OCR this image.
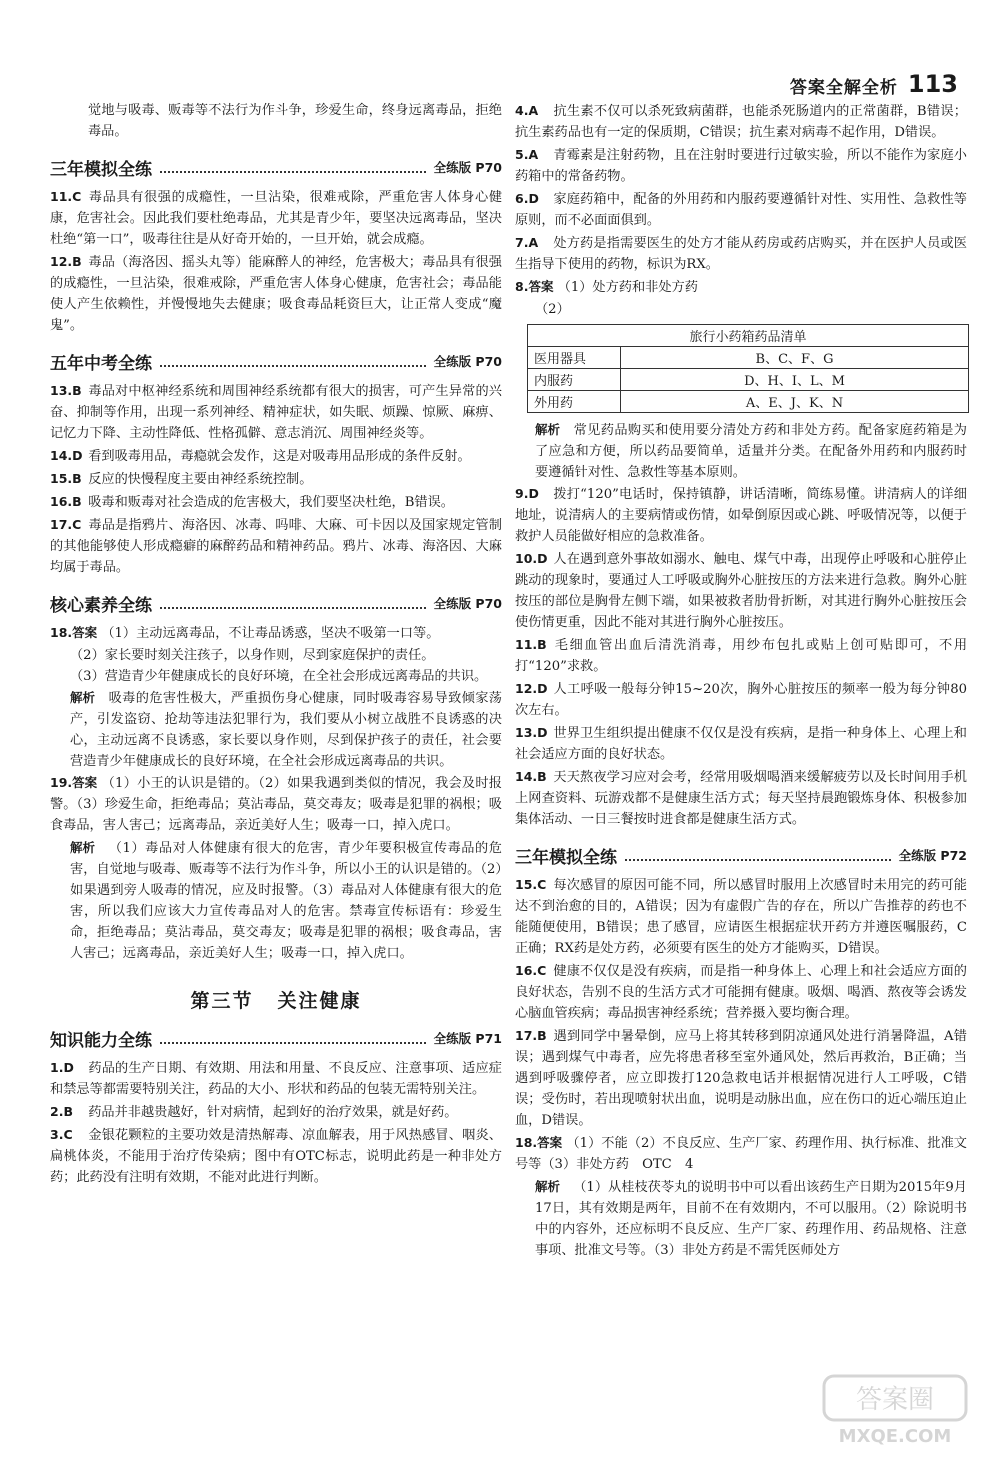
答案全解全析 113

觉地与吸毒、贩毒等不法行为作斗争，珍爱生命，终身远离毒品，拒绝毒品。

三年模拟全练	全练版 P70

11.C 毒品具有很强的成瘾性，一旦沾染，很难戒除，严重危害人体身心健康，危害社会。因此我们要杜绝毒品，尤其是青少年，要坚决远离毒品，坚决杜绝“第一口”，吸毒往往是从好奇开始的，一旦开始，就会成瘾。

12.B 毒品（海洛因、摇头丸等）能麻醉人的神经，危害极大；毒品具有很强的成瘾性，一旦沾染，很难戒除，严重危害人体身心健康，危害社会；毒品能使人产生依赖性，并慢慢地失去健康；吸食毒品耗资巨大，让正常人变成“魔鬼”。

五年中考全练	全练版 P70

13.B 毒品对中枢神经系统和周围神经系统都有很大的损害，可产生异常的兴奋、抑制等作用，出现一系列神经、精神症状，如失眠、烦躁、惊厥、麻痹、记忆力下降、主动性降低、性格孤僻、意志消沉、周围神经炎等。

14.D 看到吸毒用品，毒瘾就会发作，这是对吸毒用品形成的条件反射。

15.B 反应的快慢程度主要由神经系统控制。

16.B 吸毒和贩毒对社会造成的危害极大，我们要坚决杜绝，B错误。

17.C 毒品是指鸦片、海洛因、冰毒、吗啡、大麻、可卡因以及国家规定管制的其他能够使人形成瘾癖的麻醉药品和精神药品。鸦片、冰毒、海洛因、大麻均属于毒品。

核心素养全练	全练版 P70

18.答案 （1）主动远离毒品，不让毒品诱惑，坚决不吸第一口等。

（2）家长要时刻关注孩子，以身作则，尽到家庭保护的责任。

（3）营造青少年健康成长的良好环境，在全社会形成远离毒品的共识。

解析 吸毒的危害性极大，严重损伤身心健康，同时吸毒容易导致倾家荡产，引发盗窃、抢劫等违法犯罪行为，我们要从小树立战胜不良诱惑的决心，主动远离不良诱惑，家长要以身作则，尽到保护孩子的责任，社会要营造青少年健康成长的良好环境，在全社会形成远离毒品的共识。

19.答案 （1）小王的认识是错的。（2）如果我遇到类似的情况，我会及时报警。（3）珍爱生命，拒绝毒品；莫沾毒品，莫交毒友；吸毒是犯罪的祸根；吸食毒品，害人害己；远离毒品，亲近美好人生；吸毒一口，掉入虎口。

解析 （1）毒品对人体健康有很大的危害，青少年要积极宣传毒品的危害，自觉地与吸毒、贩毒等不法行为作斗争，所以小王的认识是错的。（2）如果遇到旁人吸毒的情况，应及时报警。（3）毒品对人体健康有很大的危害，所以我们应该大力宣传毒品对人的危害。禁毒宣传标语有：珍爱生命，拒绝毒品；莫沾毒品，莫交毒友；吸毒是犯罪的祸根；吸食毒品，害人害己；远离毒品，亲近美好人生；吸毒一口，掉入虎口。

第三节 关注健康
知识能力全练	全练版 P71

1.D 药品的生产日期、有效期、用法和用量、不良反应、注意事项、适应症和禁忌等都需要特别关注，药品的大小、形状和药品的包装无需特别关注。

2.B 药品并非越贵越好，针对病情，起到好的治疗效果，就是好药。

3.C 金银花颗粒的主要功效是清热解毒、凉血解表，用于风热感冒、咽炎、扁桃体炎，不能用于治疗传染病；图中有OTC标志，说明此药是一种非处方药；此药没有注明有效期，不能对此进行判断。

4.A 抗生素不仅可以杀死致病菌群，也能杀死肠道内的正常菌群，B错误；抗生素药品也有一定的保质期，C错误；抗生素对病毒不起作用，D错误。

5.A 青霉素是注射药物，且在注射时要进行过敏实验，所以不能作为家庭小药箱中的常备药物。

6.D 家庭药箱中，配备的外用药和内服药要遵循针对性、实用性、急救性等原则，而不必面面俱到。

7.A 处方药是指需要医生的处方才能从药房或药店购买，并在医护人员或医生指导下使用的药物，标识为RX。

8.答案 （1）处方药和非处方药

（2）

旅行小药箱药品清单	
医用器具	B、C、F、G
内服药	D、H、I、L、M
外用药	A、E、J、K、N

解析 常见药品购买和使用要分清处方药和非处方药。配备家庭药箱是为了应急和方便，所以药品要简单，适量并分类。在配备外用药和内服药时要遵循针对性、急救性等基本原则。

9.D 拨打“120”电话时，保持镇静，讲话清晰，简练易懂。讲清病人的详细地址，说清病人的主要病情或伤情，如晕倒原因或心跳、呼吸情况等，以便于救护人员能做好相应的急救准备。

10.D 人在遇到意外事故如溺水、触电、煤气中毒，出现停止呼吸和心脏停止跳动的现象时，要通过人工呼吸或胸外心脏按压的方法来进行急救。胸外心脏按压的部位是胸骨左侧下端，如果被救者肋骨折断，对其进行胸外心脏按压会使伤情更重，因此不能对其进行胸外心脏按压。

11.B 毛细血管出血后清洗消毒，用纱布包扎或贴上创可贴即可，不用打“120”求救。

12.D 人工呼吸一般每分钟15~20次，胸外心脏按压的频率一般为每分钟80次左右。

13.D 世界卫生组织提出健康不仅仅是没有疾病，是指一种身体上、心理上和社会适应方面的良好状态。

14.B 天天熬夜学习应对会考，经常用吸烟喝酒来缓解疲劳以及长时间用手机上网查资料、玩游戏都不是健康生活方式；每天坚持晨跑锻炼身体、积极参加集体活动、一日三餐按时进食都是健康生活方式。

三年模拟全练	全练版 P72

15.C 每次感冒的原因可能不同，所以感冒时服用上次感冒时未用完的药可能达不到治愈的目的，A错误；因为有虚假广告的存在，所以广告推荐的药也不能随便使用，B错误；患了感冒，应请医生根据症状开药方并遵医嘱服药，C正确；RX药是处方药，必须要有医生的处方才能购买，D错误。

16.C 健康不仅仅是没有疾病，而是指一种身体上、心理上和社会适应方面的良好状态，告别不良的生活方式才可能拥有健康。吸烟、喝酒、熬夜等会诱发心脑血管疾病；毒品损害神经系统；营养摄入要均衡合理。

17.B 遇到同学中暑晕倒，应马上将其转移到阴凉通风处进行消暑降温，A错误；遇到煤气中毒者，应先将患者移至室外通风处，然后再救治，B正确；当遇到呼吸骤停者，应立即拨打120急救电话并根据情况进行人工呼吸，C错误；受伤时，若出现喷射状出血，说明是动脉出血，应在伤口的近心端压迫止血，D错误。

18.答案 （1）不能（2）不良反应、生产厂家、药理作用、执行标准、批准文号等（3）非处方药　OTC　4

解析 （1）从桂枝茯苓丸的说明书中可以看出该药生产日期为2015年9月17日，其有效期是两年，目前不在有效期内，不可以服用。（2）除说明书中的内容外，还应标明不良反应、生产厂家、药理作用、药品规格、注意事项、批准文号等。（3）非处方药是不需凭医师处方

答案圈
MXQE.COM
